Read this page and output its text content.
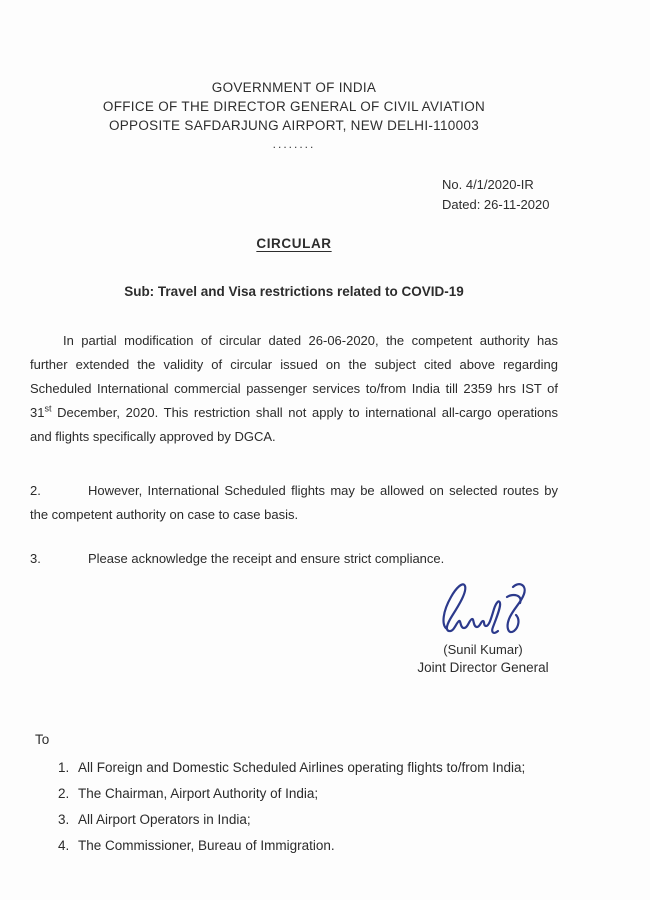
GOVERNMENT OF INDIA
OFFICE OF THE DIRECTOR GENERAL OF CIVIL AVIATION
OPPOSITE SAFDARJUNG AIRPORT, NEW DELHI-110003
........
No. 4/1/2020-IR
Dated: 26-11-2020
CIRCULAR
Sub: Travel and Visa restrictions related to COVID-19

In partial modification of circular dated 26-06-2020, the competent authority has further extended the validity of circular issued on the subject cited above regarding Scheduled International commercial passenger services to/from India till 2359 hrs IST of 31st December, 2020. This restriction shall not apply to international all-cargo operations and flights specifically approved by DGCA.

2.	However, International Scheduled flights may be allowed on selected routes by the competent authority on case to case basis.

3.	Please acknowledge the receipt and ensure strict compliance.

(Sunil Kumar)
Joint Director General
To
1. All Foreign and Domestic Scheduled Airlines operating flights to/from India;
2. The Chairman, Airport Authority of India;
3. All Airport Operators in India;
4. The Commissioner, Bureau of Immigration.
